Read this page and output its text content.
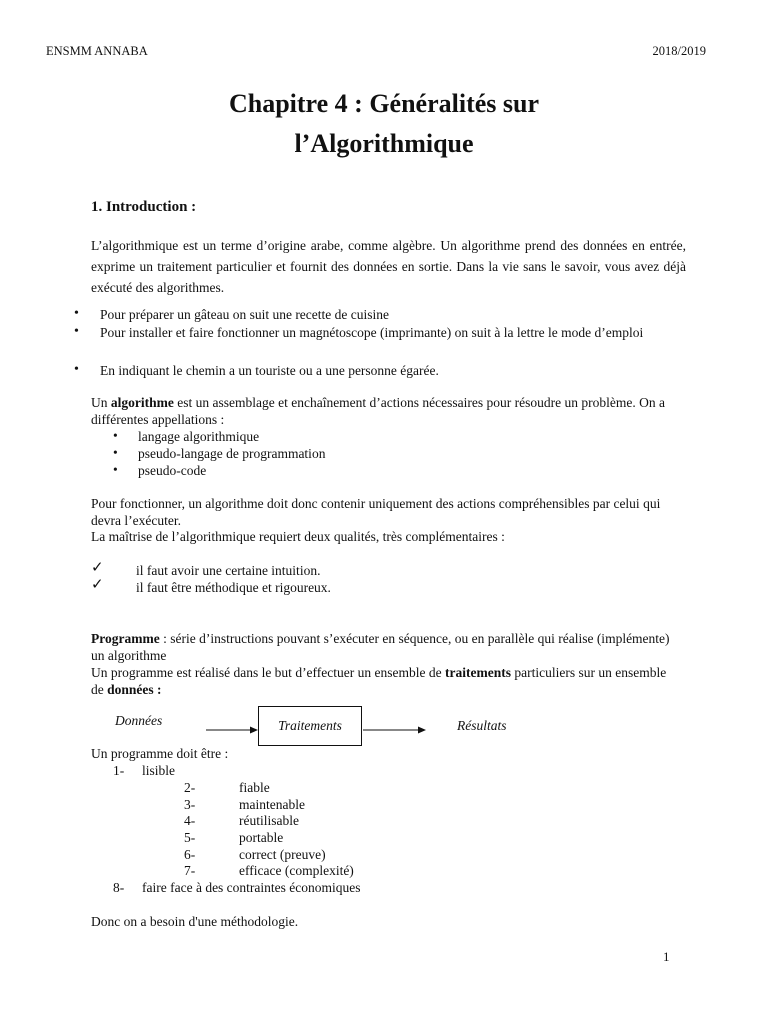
ENSMM ANNABA	2018/2019
Chapitre 4 : Généralités sur
l’Algorithmique
1. Introduction :
L’algorithmique est un terme d’origine arabe, comme algèbre. Un algorithme prend des données en entrée, exprime un traitement particulier et fournit des données en sortie. Dans la vie sans le savoir, vous avez déjà exécuté des algorithmes.
• Pour préparer un gâteau on suit une recette de cuisine
• Pour installer et faire fonctionner un magnétoscope (imprimante) on suit à la lettre le mode d’emploi
• En indiquant le chemin a un touriste ou a une personne égarée.
Un algorithme est un assemblage et enchaînement d’actions nécessaires pour résoudre un problème. On a différentes appellations :
• langage algorithmique
• pseudo-langage de programmation
• pseudo-code
Pour fonctionner, un algorithme doit donc contenir uniquement des actions compréhensibles par celui qui devra l’exécuter.
La maîtrise de l’algorithmique requiert deux qualités, très complémentaires :
✓ il faut avoir une certaine intuition.
✓ il faut être méthodique et rigoureux.
Programme : série d’instructions pouvant s’exécuter en séquence, ou en parallèle qui réalise (implémente) un algorithme
Un programme est réalisé dans le but d’effectuer un ensemble de traitements particuliers sur un ensemble de données :
Données	Traitements	Résultats
Un programme doit être :
1- lisible
2-	fiable
3-	maintenable
4-	réutilisable
5-	portable
6-	correct (preuve)
7-	efficace (complexité)
8- faire face à des contraintes économiques
Donc on a besoin d'une méthodologie.
1
